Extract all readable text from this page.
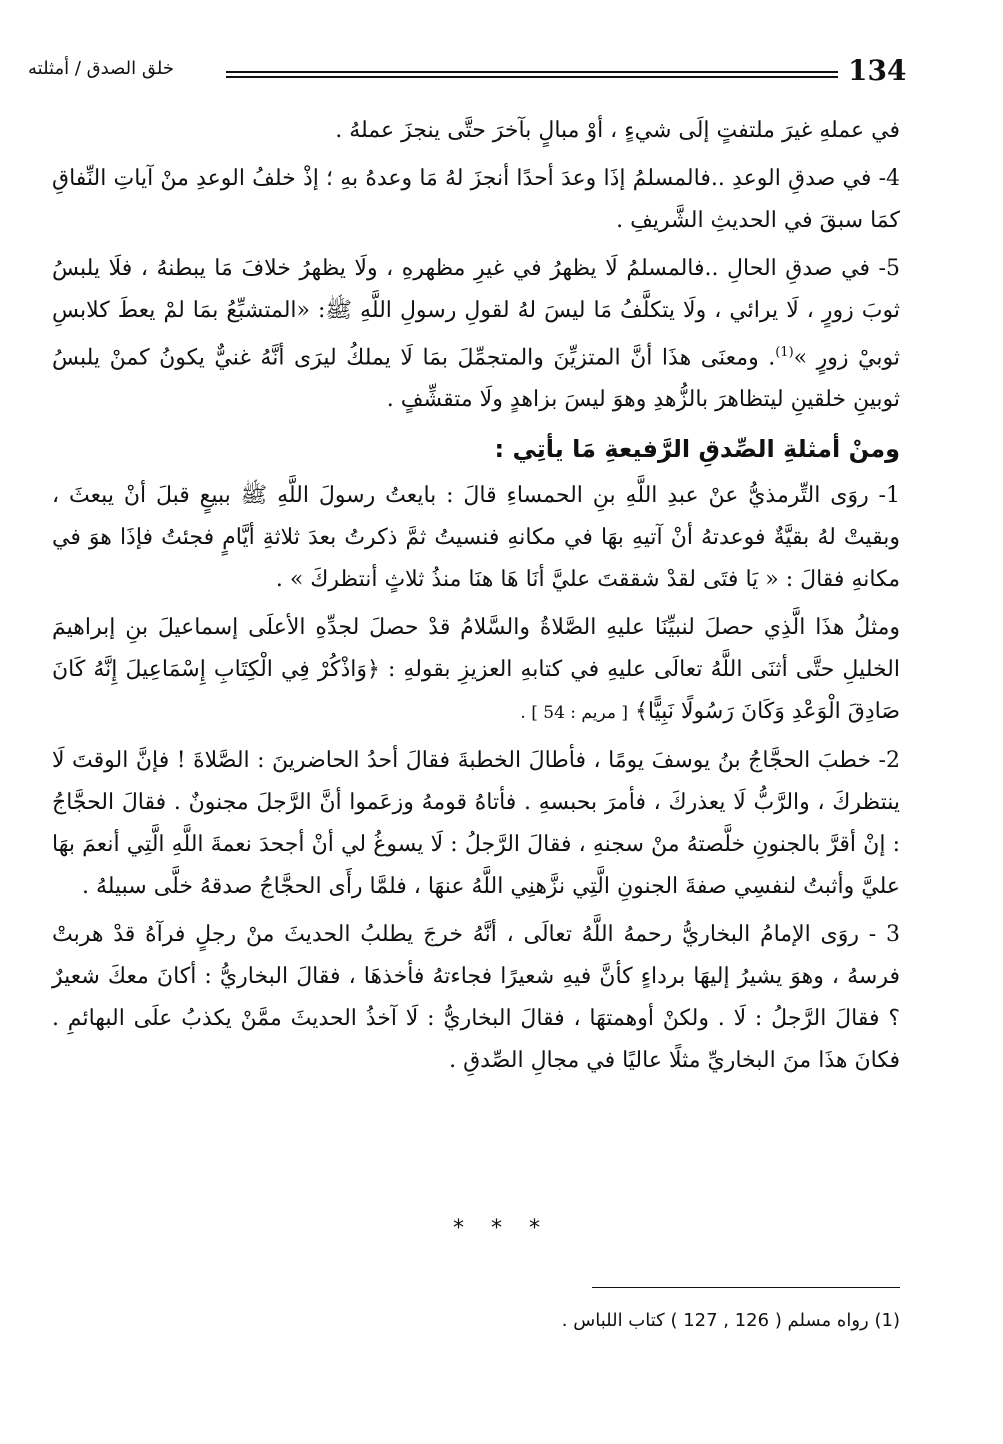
134
خلق الصدق / أمثلته

في عملهِ غيرَ ملتفتٍ إلَى شيءٍ ، أوْ مبالٍ بآخرَ حتَّى ينجزَ عملهُ .

4- في صدقِ الوعدِ ..فالمسلمُ إذَا وعدَ أحدًا أنجزَ لهُ مَا وعدهُ بهِ ؛ إذْ خلفُ الوعدِ منْ آياتِ النِّفاقِ كمَا سبقَ في الحديثِ الشَّريفِ .

5- في صدقِ الحالِ ..فالمسلمُ لَا يظهرُ في غيرِ مظهرهِ ، ولَا يظهرُ خلافَ مَا يبطنهُ ، فلَا يلبسُ ثوبَ زورٍ ، لَا يرائي ، ولَا يتكلَّفُ مَا ليسَ لهُ لقولِ رسولِ اللَّهِ ﷺ: «المتشبِّعُ بمَا لمْ يعطَ كلابسِ ثوبيْ زورٍ »$^{(1)}$. ومعنَى هذَا أنَّ المتزيِّنَ والمتجمِّلَ بمَا لَا يملكُ ليرَى أنَّهُ غنيٌّ يكونُ كمنْ يلبسُ ثوبينِ خلقينِ ليتظاهرَ بالزُّهدِ وهوَ ليسَ بزاهدٍ ولَا متقشِّفٍ .

ومنْ أمثلةِ الصِّدقِ الرَّفيعةِ مَا يأتِي :

1- روَى التِّرمذيُّ عنْ عبدِ اللَّهِ بنِ الحمساءِ قالَ : بايعتُ رسولَ اللَّهِ ﷺ ببيعٍ قبلَ أنْ يبعثَ ، وبقيتْ لهُ بقيَّةٌ فوعدتهُ أنْ آتيهِ بهَا في مكانهِ فنسيتُ ثمَّ ذكرتُ بعدَ ثلاثةِ أيَّامٍ فجئتُ فإذَا هوَ في مكانهِ فقالَ : « يَا فتَى لقدْ شققتَ عليَّ أنَا هَا هنَا منذُ ثلاثٍ أنتظركَ » .

ومثلُ هذَا الَّذِي حصلَ لنبيِّنَا عليهِ الصَّلاةُ والسَّلامُ قدْ حصلَ لجدِّهِ الأعلَى إسماعيلَ بنِ إبراهيمَ الخليلِ حتَّى أثنَى اللَّهُ تعالَى عليهِ في كتابهِ العزيزِ بقولهِ : ﴿وَاذْكُرْ فِي الْكِتَابِ إِسْمَاعِيلَ إِنَّهُ كَانَ صَادِقَ الْوَعْدِ وَكَانَ رَسُولًا نَبِيًّا﴾ [ مريم : 54 ] .

2- خطبَ الحجَّاجُ بنُ يوسفَ يومًا ، فأطالَ الخطبةَ فقالَ أحدُ الحاضرينَ : الصَّلاةَ ! فإنَّ الوقتَ لَا ينتظركَ ، والرَّبُّ لَا يعذركَ ، فأمرَ بحبسهِ . فأتاهُ قومهُ وزعَموا أنَّ الرَّجلَ مجنونٌ . فقالَ الحجَّاجُ : إنْ أقرَّ بالجنونِ خلَّصتهُ منْ سجنهِ ، فقالَ الرَّجلُ : لَا يسوغُ لي أنْ أجحدَ نعمةَ اللَّهِ الَّتِي أنعمَ بهَا عليَّ وأثبتُ لنفسِي صفةَ الجنونِ الَّتِي نزَّهنِي اللَّهُ عنهَا ، فلمَّا رأَى الحجَّاجُ صدقهُ خلَّى سبيلهُ .

3 - روَى الإمامُ البخاريُّ رحمهُ اللَّهُ تعالَى ، أنَّهُ خرجَ يطلبُ الحديثَ منْ رجلٍ فرآهُ قدْ هربتْ فرسهُ ، وهوَ يشيرُ إليهَا برداءٍ كأنَّ فيهِ شعيرًا فجاءتهُ فأخذهَا ، فقالَ البخاريُّ : أكانَ معكَ شعيرٌ ؟ فقالَ الرَّجلُ : لَا . ولكنْ أوهمتهَا ، فقالَ البخاريُّ : لَا آخذُ الحديثَ ممَّنْ يكذبُ علَى البهائمِ . فكانَ هذَا منَ البخاريِّ مثلًا عاليًا في مجالِ الصِّدقِ .

* * *
(1) رواه مسلم ( 126 , 127 ) كتاب اللباس .
